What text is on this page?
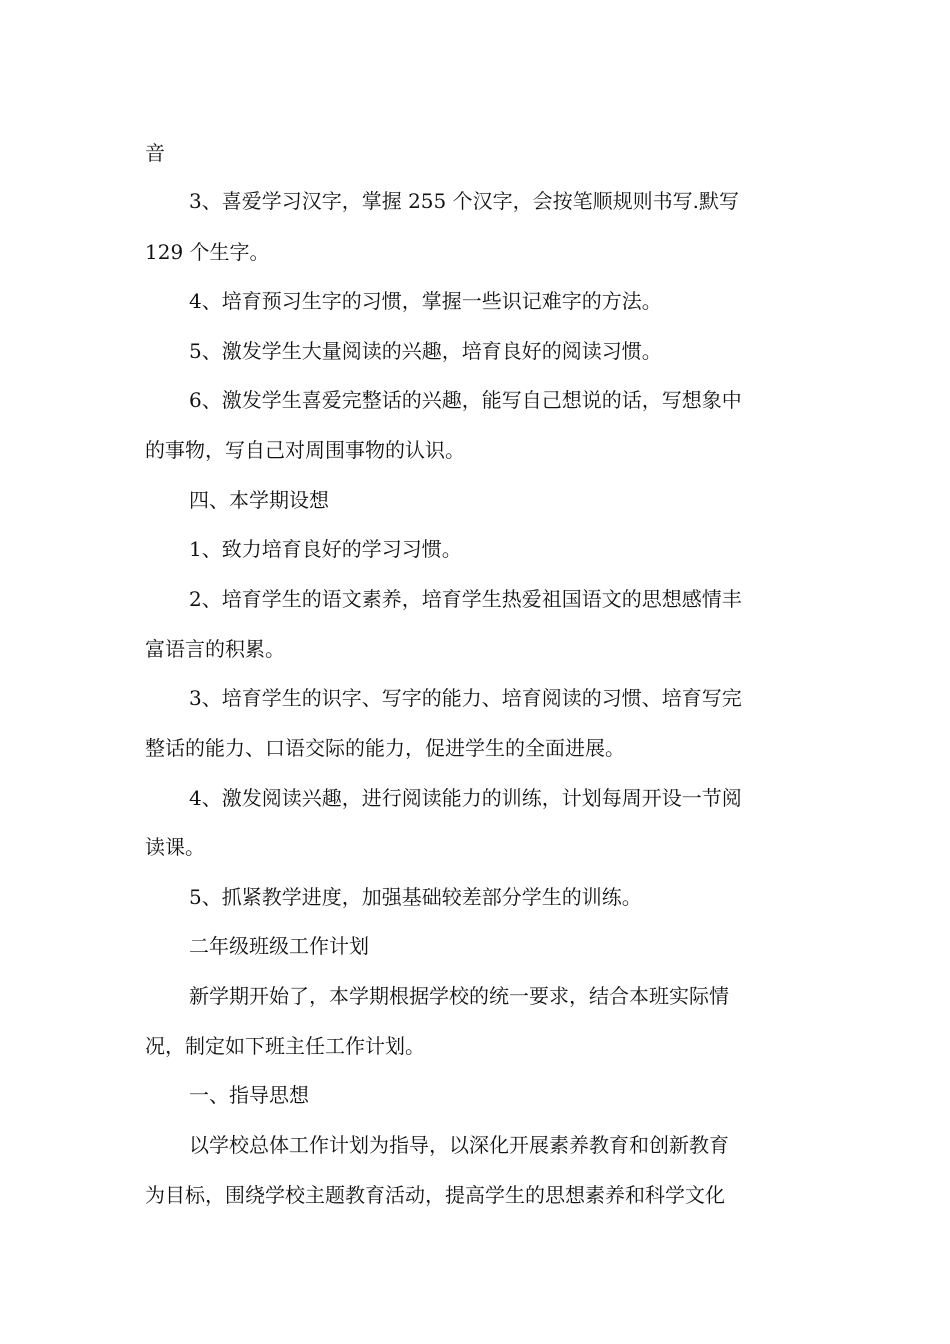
音
3、喜爱学习汉字，掌握 255 个汉字，会按笔顺规则书写.默写
129 个生字。
4、培育预习生字的习惯，掌握一些识记难字的方法。
5、激发学生大量阅读的兴趣，培育良好的阅读习惯。
6、激发学生喜爱完整话的兴趣，能写自己想说的话，写想象中
的事物，写自己对周围事物的认识。
四、本学期设想
1、致力培育良好的学习习惯。
2、培育学生的语文素养，培育学生热爱祖国语文的思想感情丰
富语言的积累。
3、培育学生的识字、写字的能力、培育阅读的习惯、培育写完
整话的能力、口语交际的能力，促进学生的全面进展。
4、激发阅读兴趣，进行阅读能力的训练，计划每周开设一节阅
读课。
5、抓紧教学进度，加强基础较差部分学生的训练。
二年级班级工作计划
新学期开始了，本学期根据学校的统一要求，结合本班实际情
况，制定如下班主任工作计划。
一、指导思想
以学校总体工作计划为指导，以深化开展素养教育和创新教育
为目标，围绕学校主题教育活动，提高学生的思想素养和科学文化
